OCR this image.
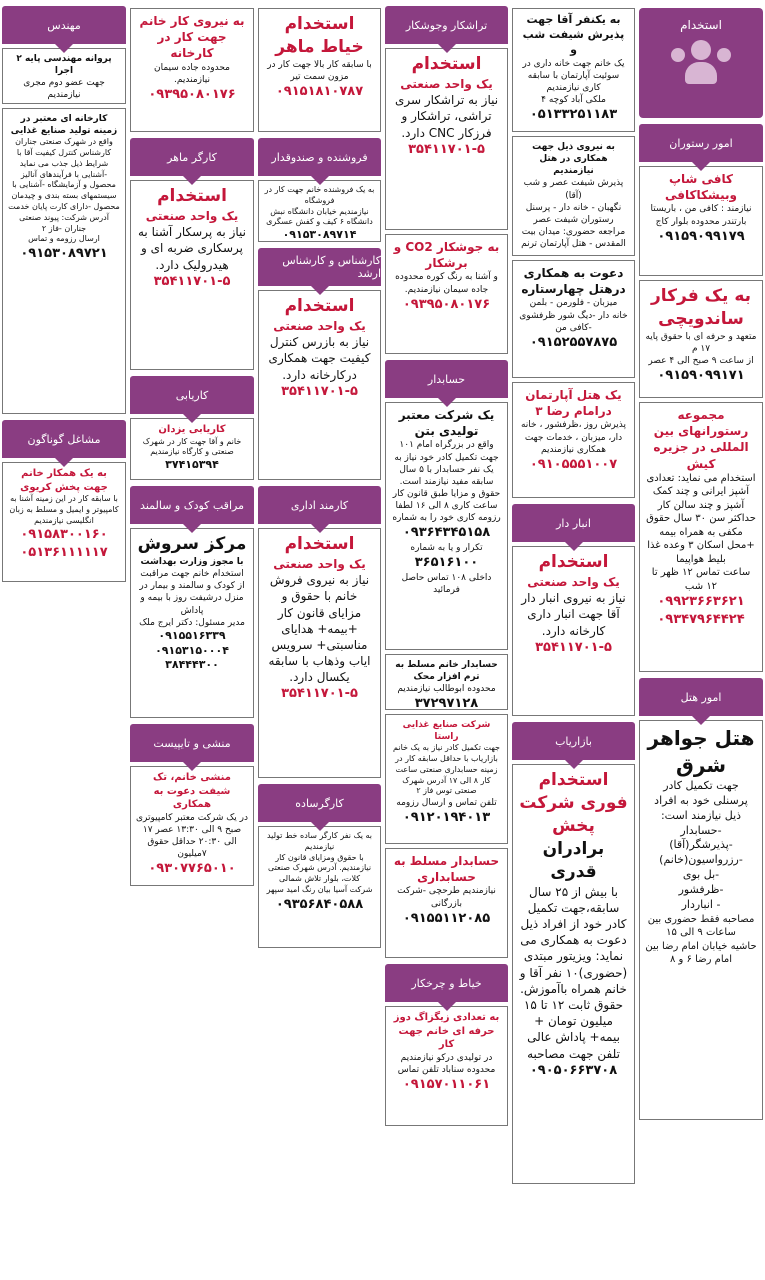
استخدام
امور رستوران
کافی شاپ وبیشکاکافی
نیازمند : کافی من ، باریستا
بارتندر محدوده بلوار کاج
۰۹۱۵۹۰۹۹۱۷۹
به یک فرکار ساندویچی
متعهد و حرفه ای با حقوق پایه ۱۷ م
از ساعت ۹ صبح الی ۴ عصر
۰۹۱۵۹۰۹۹۱۷۱
مجموعه رستورانهای بین المللی در جزیره کیش
استخدام می نماید: تعدادی آشپز ایرانی و چند کمک آشپز و چند سالن کار
حداکثر سن ۳۰ سال حقوق مکفی به همراه بیمه +محل اسکان ۳ وعده غذا بلیط هواپیما
ساعت تماس ۱۲ ظهر تا ۱۲ شب
۰۹۹۲۳۶۶۳۶۲۱
۰۹۳۴۷۹۶۴۴۲۴
امور هتل
هتل جواهر شرق
جهت تکمیل کادر پرسنلی خود به افراد ذیل نیازمند است:
-حسابدار
-پذیرشگر(آقا)
-رزرواسیون(خانم)
-بل بوی
-ظرفشور
- انباردار
مصاحبه فقط حضوری بین ساعات ۹ الی ۱۵
حاشیه خیابان امام رضا بین امام رضا ۶ و ۸
به یکنفر آقا جهت پذیرش شیفت شب و
یک خانم جهت خانه داری در سوئیت آپارتمان با سابقه کاری نیازمندیم
ملکی آباد کوچه ۴
۰۵۱۳۳۲۵۱۱۸۳
به نیروی ذیل جهت همکاری در هتل نیازمندیم
پذیرش شیفت عصر و شب (آقا)
نگهبان - خانه دار - پرسنل رستوران شیفت عصر
مراجعه حضوری: میدان بیت المقدس - هتل آپارتمان ترنم
دعوت به همکاری درهتل چهارستاره
میزبان - فلورمن - بلمن
خانه دار -دیگ شور ظرفشوی -کافی من
۰۹۱۵۲۵۵۷۸۷۵
یک هتل آپارتمان درامام رضا ۳
پذیرش روز ،ظرفشور ، خانه دار، میزبان ، خدمات جهت همکاری نیازمندیم
۰۹۱۰۵۵۵۱۰۰۷
انبار دار
استخدام
یک واحد صنعتی
نیاز به نیروی انبار دار آقا جهت انبار داری کارخانه دارد.
۳۵۴۱۱۷۰۱-۵
بازاریاب
استخدام فوری شرکت پخش
برادران قدری
با بیش از ۲۵ سال سابقه،جهت تکمیل کادر خود از افراد ذیل دعوت به همکاری می نماید: ویزیتور مبتدی (حضوری)۱۰ نفر آقا و خانم همراه باآموزش.
حقوق ثابت ۱۲ تا ۱۵ میلیون تومان + بیمه+ پاداش عالی تلفن جهت مصاحبه
۰۹۰۵۰۶۶۳۷۰۸
تراشکار وجوشکار
استخدام
یک واحد صنعتی
نیاز به تراشکار سری تراشی، تراشکار و فرزکار CNC دارد.
۳۵۴۱۱۷۰۱-۵
به جوشکار CO2 و برشکار
و آشنا به رنگ کوره محدوده جاده سیمان نیازمندیم.
۰۹۳۹۵۰۸۰۱۷۶
حسابدار
یک شرکت معتبر تولیدی بتن
واقع در بزرگراه امام ۱۰۱ جهت تکمیل کادر خود نیاز به یک نفر حسابدار با ۵ سال سابقه مفید نیازمند است. حقوق و مزایا طبق قانون کار
ساعت کاری ۸ الی ۱۶ لطفا رزومه کاری خود را به شماره
۰۹۳۶۴۳۴۵۱۵۸
تکرار و یا به شماره
۳۶۵۱۶۱۰۰
داخلی ۱۰۸ تماس حاصل فرمائید
حسابدار خانم مسلط به ترم افزار محک
محدوده ابوطالب نیازمندیم
۳۷۲۹۷۱۲۸
شرکت صنایع غذایی راستا
جهت تکمیل کادر نیاز به یک خانم بازاریاب با حداقل سابقه کار در زمینه حسابداری صنعتی ساعت کار ۸ الی ۱۷ آدرس شهرک صنعتی توس فاز ۲
تلفن تماس و ارسال رزومه
۰۹۱۲۰۱۹۴۰۱۳
حسابدار مسلط به حسابداری
نیازمندیم طرحچی -شرکت بازرگانی
۰۹۱۵۵۱۱۲۰۸۵
خیاط و چرخکار
به تعدادی زیگزاگ دوز حرفه ای خانم جهت کار
در تولیدی درکو نیازمندیم محدوده سناباد تلفن تماس
۰۹۱۵۷۰۱۱۰۶۱
استخدام خیاط ماهر
با سابقه کار بالا جهت کار در مزون سمت تیر
۰۹۱۵۱۸۱۰۷۸۷
فروشنده و صندوقدار
به یک فروشنده خانم جهت کار در فروشگاه
نیازمندیم خیابان دانشگاه نبش دانشگاه ۶ کیف و کفش عسگری
۰۹۱۵۳۰۸۹۷۱۴
کارشناس و کارشناس ارشد
استخدام
یک واحد صنعتی
نیاز به بازرس کنترل کیفیت جهت همکاری درکارخانه دارد.
۳۵۴۱۱۷۰۱-۵
کارمند اداری
استخدام
یک واحد صنعتی
نیاز به نیروی فروش خانم با حقوق و مزایای قانون کار +بیمه+ هدایای مناسبتی+ سرویس ایاب وذهاب با سابقه یکسال دارد.
۳۵۴۱۱۷۰۱-۵
کارگرساده
به یک نفر کارگر ساده خط تولید نیازمندیم
با حقوق ومزایای قانون کار نیازمندیم. آدرس شهرک صنعتی کلات، بلوار تلاش شمالی
شرکت آسیا بیان رنگ امید سپهر
۰۹۳۵۶۸۴۰۵۸۸
به نیروی کار خانم جهت کار در کارخانه
محدوده جاده سیمان نیازمندیم.
۰۹۳۹۵۰۸۰۱۷۶
کارگر ماهر
استخدام
یک واحد صنعتی
نیاز به پرسکار آشنا به پرسکاری ضربه ای و هیدرولیک دارد.
۳۵۴۱۱۷۰۱-۵
کاریابی
کاریابی یزدان
خانم و آقا جهت کار در شهرک صنعتی و کارگاه نیازمندیم
۳۷۴۱۵۳۹۴
مراقب کودک و سالمند
مرکز سروش
با مجوز وزارت بهداشت
استخدام خانم جهت مراقبت از کودک و سالمند و بیمار در منزل درشیفت روز با بیمه و پاداش
مدیر مسئول: دکتر ایرج ملک
۰۹۱۵۵۱۶۳۳۹
۰۹۱۵۳۱۵۰۰۰۴
۳۸۴۴۴۳۰۰
منشی و تایپیست
منشی خانم، تک شیفت دعوت به همکاری
در یک شرکت معتبر کامپیوتری صبح ۹ الی ۱۳:۳۰ عصر ۱۷ الی ۲۰:۳۰ حداقل حقوق ۷میلیون
۰۹۳۰۷۷۶۵۰۱۰
مهندس
پروانه مهندسی پایه ۲ اجرا
جهت عضو دوم مجری نیازمندیم
کارخانه ای معتبر در زمینه تولید صنایع غذایی
واقع در شهرک صنعتی جناران کارشناس کنترل کیفیت آقا با شرایط ذیل جذب می نماید -آشنایی با فرآیندهای آنالیز محصول و آزمایشگاه -آشنایی با سیستمهای بسته بندی و چیدمان محصول -دارای کارت پایان خدمت
آدرس شرکت: پیوند صنعتی جناران -فاز ۲
ارسال رزومه و تماس
۰۹۱۵۳۰۸۹۷۲۱
مشاغل گوناگون
به یک همکار خانم جهت پخش کریوی
با سابقه کار در این زمینه آشنا به کامپیوتر و ایمیل و مسلط به زبان انگلیسی نیازمندیم
۰۹۱۵۸۳۰۰۱۶۰
۰۵۱۳۶۱۱۱۱۱۷
